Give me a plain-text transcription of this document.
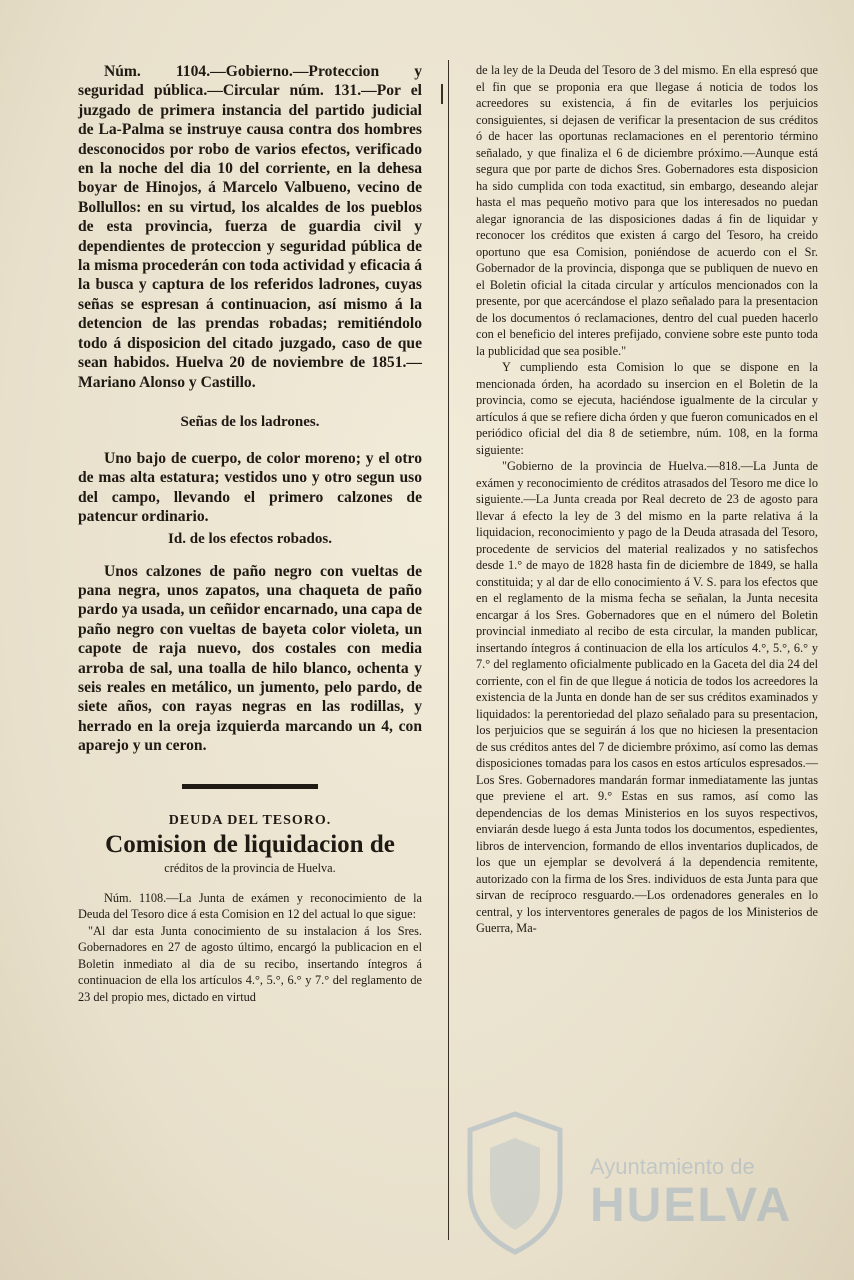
Núm. 1104.—Gobierno.—Proteccion y seguridad pública.—Circular núm. 131.—Por el juzgado de primera instancia del partido judicial de La-Palma se instruye causa contra dos hombres desconocidos por robo de varios efectos, verificado en la noche del dia 10 del corriente, en la dehesa boyar de Hinojos, á Marcelo Valbueno, vecino de Bollullos: en su virtud, los alcaldes de los pueblos de esta provincia, fuerza de guardia civil y dependientes de proteccion y seguridad pública de la misma procederán con toda actividad y eficacia á la busca y captura de los referidos ladrones, cuyas señas se espresan á continuacion, así mismo á la detencion de las prendas robadas; remitiéndolo todo á disposicion del citado juzgado, caso de que sean habidos. Huelva 20 de noviembre de 1851.—Mariano Alonso y Castillo.

Señas de los ladrones.

Uno bajo de cuerpo, de color moreno; y el otro de mas alta estatura; vestidos uno y otro segun uso del campo, llevando el primero calzones de patencur ordinario.

Id. de los efectos robados.

Unos calzones de paño negro con vueltas de pana negra, unos zapatos, una chaqueta de paño pardo ya usada, un ceñidor encarnado, una capa de paño negro con vueltas de bayeta color violeta, un capote de raja nuevo, dos costales con media arroba de sal, una toalla de hilo blanco, ochenta y seis reales en metálico, un jumento, pelo pardo, de siete años, con rayas negras en las rodillas, y herrado en la oreja izquierda marcando un 4, con aparejo y un ceron.

DEUDA DEL TESORO.

Comision de liquidacion de

créditos de la provincia de Huelva.

Núm. 1108.—La Junta de exámen y reconocimiento de la Deuda del Tesoro dice á esta Comision en 12 del actual lo que sigue:

"Al dar esta Junta conocimiento de su instalacion á los Sres. Gobernadores en 27 de agosto último, encargó la publicacion en el Boletin inmediato al dia de su recibo, insertando íntegros á continuacion de ella los artículos 4.°, 5.°, 6.° y 7.° del reglamento de 23 del propio mes, dictado en virtud

de la ley de la Deuda del Tesoro de 3 del mismo. En ella espresó que el fin que se proponia era que llegase á noticia de todos los acreedores su existencia, á fin de evitarles los perjuicios consiguientes, si dejasen de verificar la presentacion de sus créditos ó de hacer las oportunas reclamaciones en el perentorio término señalado, y que finaliza el 6 de diciembre próximo.—Aunque está segura que por parte de dichos Sres. Gobernadores esta disposicion ha sido cumplida con toda exactitud, sin embargo, deseando alejar hasta el mas pequeño motivo para que los interesados no puedan alegar ignorancia de las disposiciones dadas á fin de liquidar y reconocer los créditos que existen á cargo del Tesoro, ha creido oportuno que esa Comision, poniéndose de acuerdo con el Sr. Gobernador de la provincia, disponga que se publiquen de nuevo en el Boletin oficial la citada circular y artículos mencionados con la presente, por que acercándose el plazo señalado para la presentacion de los documentos ó reclamaciones, dentro del cual pueden hacerlo con el beneficio del interes prefijado, conviene sobre este punto toda la publicidad que sea posible."

Y cumpliendo esta Comision lo que se dispone en la mencionada órden, ha acordado su insercion en el Boletin de la provincia, como se ejecuta, haciéndose igualmente de la circular y artículos á que se refiere dicha órden y que fueron comunicados en el periódico oficial del dia 8 de setiembre, núm. 108, en la forma siguiente:

"Gobierno de la provincia de Huelva.—818.—La Junta de exámen y reconocimiento de créditos atrasados del Tesoro me dice lo siguiente.—La Junta creada por Real decreto de 23 de agosto para llevar á efecto la ley de 3 del mismo en la parte relativa á la liquidacion, reconocimiento y pago de la Deuda atrasada del Tesoro, procedente de servicios del material realizados y no satisfechos desde 1.° de mayo de 1828 hasta fin de diciembre de 1849, se halla constituida; y al dar de ello conocimiento á V. S. para los efectos que en el reglamento de la misma fecha se señalan, la Junta necesita encargar á los Sres. Gobernadores que en el número del Boletin provincial inmediato al recibo de esta circular, la manden publicar, insertando íntegros á continuacion de ella los artículos 4.°, 5.°, 6.° y 7.° del reglamento oficialmente publicado en la Gaceta del dia 24 del corriente, con el fin de que llegue á noticia de todos los acreedores la existencia de la Junta en donde han de ser sus créditos examinados y liquidados: la perentoriedad del plazo señalado para su presentacion, los perjuicios que se seguirán á los que no hiciesen la presentacion de sus créditos antes del 7 de diciembre próximo, así como las demas disposiciones tomadas para los casos en estos artículos espresados.—Los Sres. Gobernadores mandarán formar inmediatamente las juntas que previene el art. 9.° Estas en sus ramos, así como las dependencias de los demas Ministerios en los suyos respectivos, enviarán desde luego á esta Junta todos los documentos, espedientes, libros de intervencion, formando de ellos inventarios duplicados, de los que un ejemplar se devolverá á la dependencia remitente, autorizado con la firma de los Sres. individuos de esta Junta para que sirvan de recíproco resguardo.—Los ordenadores generales en lo central, y los interventores generales de pagos de los Ministerios de Guerra, Ma-

Ayuntamiento de
HUELVA
